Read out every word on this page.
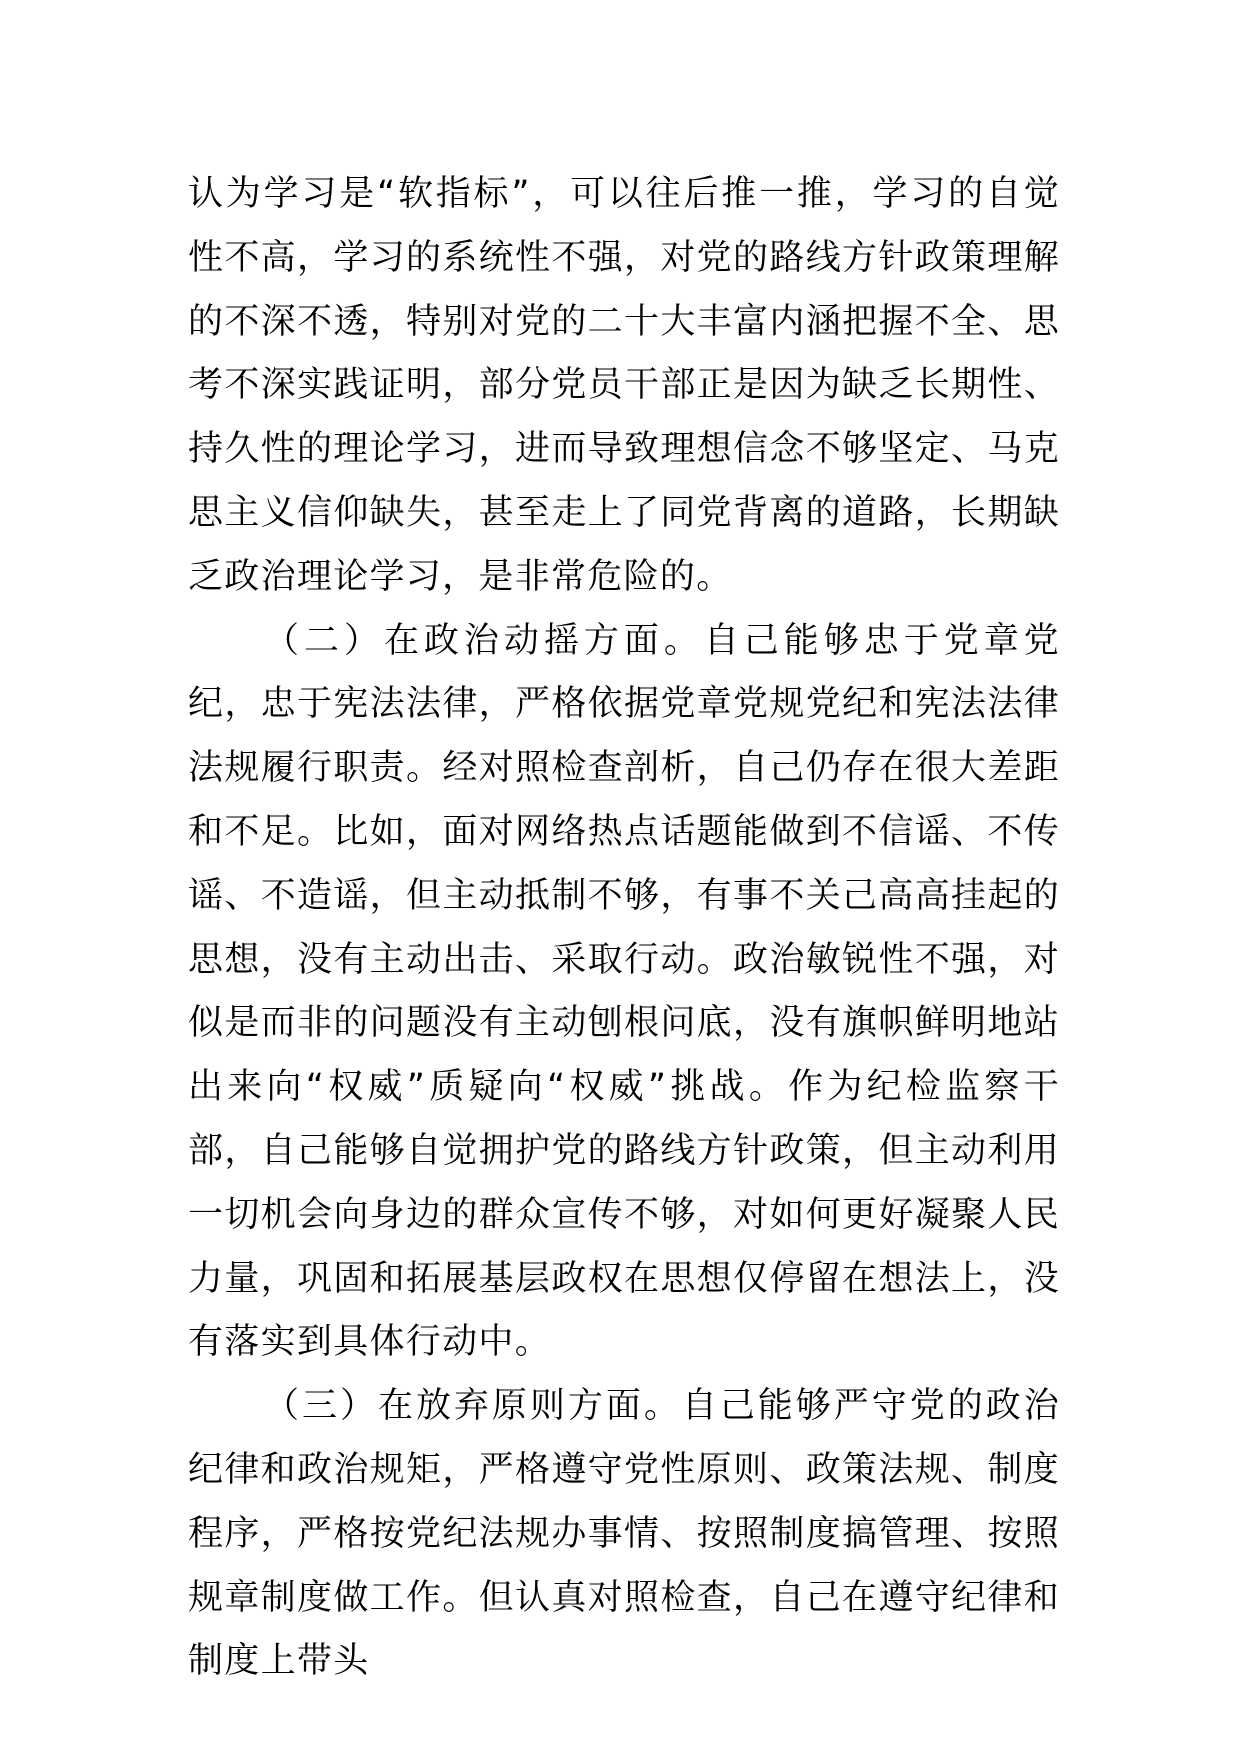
认为学习是“软指标”，可以往后推一推，学习的自觉性不高，学习的系统性不强，对党的路线方针政策理解的不深不透，特别对党的二十大丰富内涵把握不全、思考不深实践证明，部分党员干部正是因为缺乏长期性、持久性的理论学习，进而导致理想信念不够坚定、马克思主义信仰缺失，甚至走上了同党背离的道路，长期缺乏政治理论学习，是非常危险的。

（二）在政治动摇方面。自己能够忠于党章党纪，忠于宪法法律，严格依据党章党规党纪和宪法法律法规履行职责。经对照检查剖析，自己仍存在很大差距和不足。比如，面对网络热点话题能做到不信谣、不传谣、不造谣，但主动抵制不够，有事不关己高高挂起的思想，没有主动出击、采取行动。政治敏锐性不强，对似是而非的问题没有主动刨根问底，没有旗帜鲜明地站出来向“权威”质疑向“权威”挑战。作为纪检监察干部，自己能够自觉拥护党的路线方针政策，但主动利用一切机会向身边的群众宣传不够，对如何更好凝聚人民力量，巩固和拓展基层政权在思想仅停留在想法上，没有落实到具体行动中。

（三）在放弃原则方面。自己能够严守党的政治纪律和政治规矩，严格遵守党性原则、政策法规、制度程序，严格按党纪法规办事情、按照制度搞管理、按照规章制度做工作。但认真对照检查，自己在遵守纪律和制度上带头
